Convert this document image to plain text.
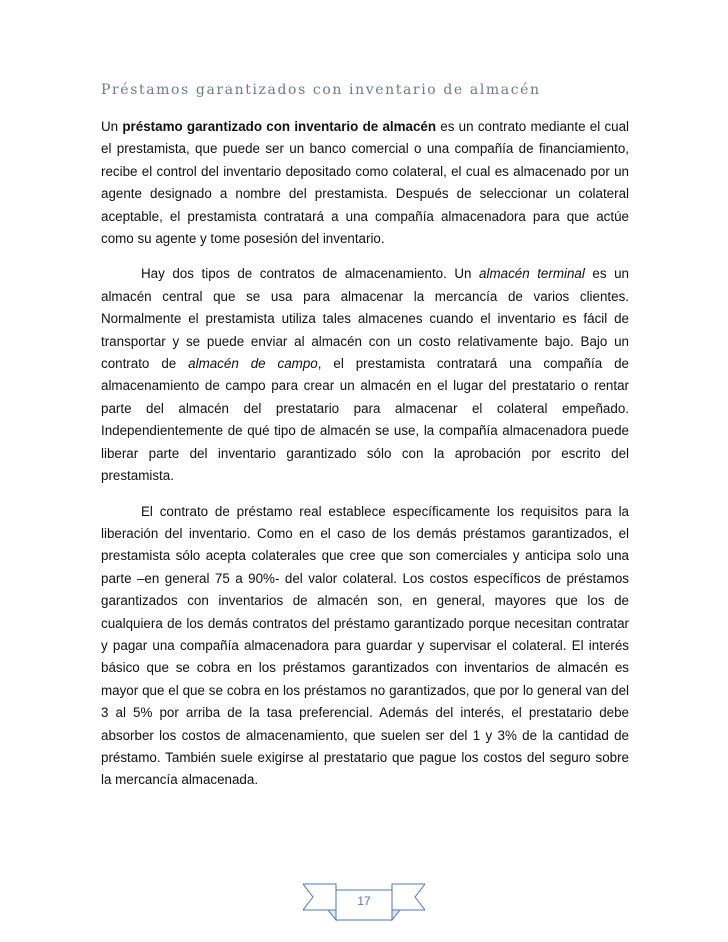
Préstamos garantizados con inventario de almacén

Un préstamo garantizado con inventario de almacén es un contrato mediante el cual el prestamista, que puede ser un banco comercial o una compañía de financiamiento, recibe el control del inventario depositado como colateral, el cual es almacenado por un agente designado a nombre del prestamista. Después de seleccionar un colateral aceptable, el prestamista contratará a una compañía almacenadora para que actúe como su agente y tome posesión del inventario.

Hay dos tipos de contratos de almacenamiento. Un almacén terminal es un almacén central que se usa para almacenar la mercancía de varios clientes. Normalmente el prestamista utiliza tales almacenes cuando el inventario es fácil de transportar y se puede enviar al almacén con un costo relativamente bajo. Bajo un contrato de almacén de campo, el prestamista contratará una compañía de almacenamiento de campo para crear un almacén en el lugar del prestatario o rentar parte del almacén del prestatario para almacenar el colateral empeñado. Independientemente de qué tipo de almacén se use, la compañía almacenadora puede liberar parte del inventario garantizado sólo con la aprobación por escrito del prestamista.

El contrato de préstamo real establece específicamente los requisitos para la liberación del inventario. Como en el caso de los demás préstamos garantizados, el prestamista sólo acepta colaterales que cree que son comerciales y anticipa solo una parte –en general 75 a 90%- del valor colateral. Los costos específicos de préstamos garantizados con inventarios de almacén son, en general, mayores que los de cualquiera de los demás contratos del préstamo garantizado porque necesitan contratar y pagar una compañía almacenadora para guardar y supervisar el colateral. El interés básico que se cobra en los préstamos garantizados con inventarios de almacén es mayor que el que se cobra en los préstamos no garantizados, que por lo general van del 3 al 5% por arriba de la tasa preferencial. Además del interés, el prestatario debe absorber los costos de almacenamiento, que suelen ser del 1 y 3% de la cantidad de préstamo. También suele exigirse al prestatario que pague los costos del seguro sobre la mercancía almacenada.

17
